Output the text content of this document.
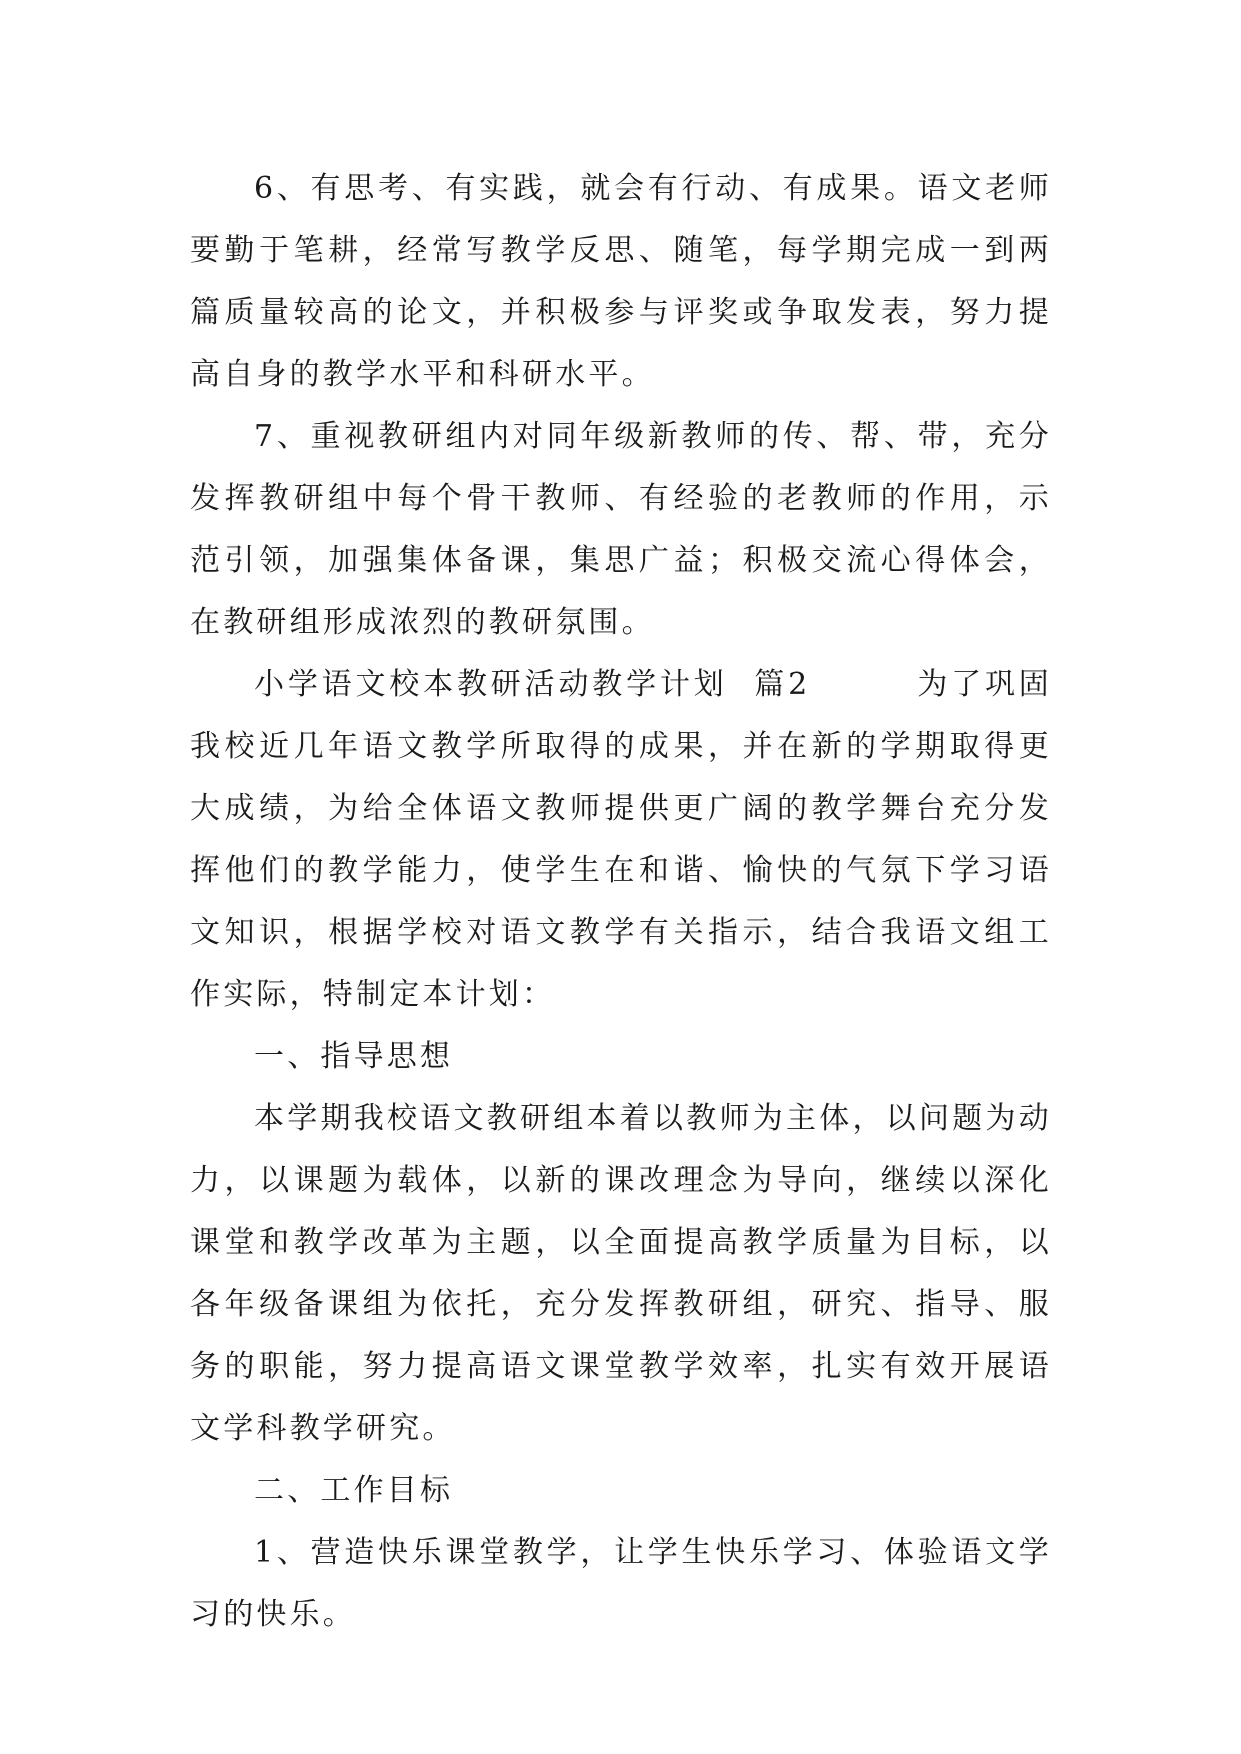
6、有思考、有实践，就会有行动、有成果。语文老师要勤于笔耕，经常写教学反思、随笔，每学期完成一到两篇质量较高的论文，并积极参与评奖或争取发表，努力提高自身的教学水平和科研水平。

7、重视教研组内对同年级新教师的传、帮、带，充分发挥教研组中每个骨干教师、有经验的老教师的作用，示范引领，加强集体备课，集思广益；积极交流心得体会，在教研组形成浓烈的教研氛围。

小学语文校本教研活动教学计划  篇2        为了巩固我校近几年语文教学所取得的成果，并在新的学期取得更大成绩，为给全体语文教师提供更广阔的教学舞台充分发挥他们的教学能力，使学生在和谐、愉快的气氛下学习语文知识，根据学校对语文教学有关指示，结合我语文组工作实际，特制定本计划：

一、指导思想

本学期我校语文教研组本着以教师为主体，以问题为动力，以课题为载体，以新的课改理念为导向，继续以深化课堂和教学改革为主题，以全面提高教学质量为目标，以各年级备课组为依托，充分发挥教研组，研究、指导、服务的职能，努力提高语文课堂教学效率，扎实有效开展语文学科教学研究。

二、工作目标

1、营造快乐课堂教学，让学生快乐学习、体验语文学习的快乐。
